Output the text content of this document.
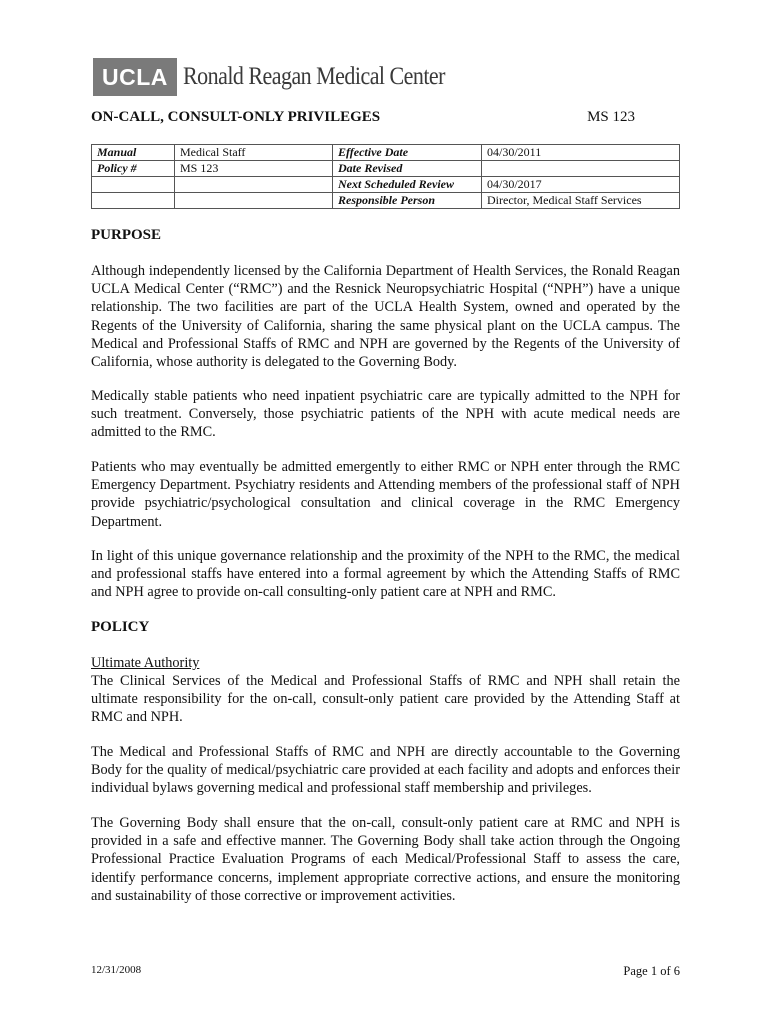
UCLA Ronald Reagan Medical Center
ON-CALL, CONSULT-ONLY PRIVILEGES	MS 123
Manual	Medical Staff	Effective Date	04/30/2011
Policy #	MS 123	Date Revised	
		Next Scheduled Review	04/30/2017
		Responsible Person	Director, Medical Staff Services
PURPOSE

Although independently licensed by the California Department of Health Services, the Ronald Reagan UCLA Medical Center (“RMC”) and the Resnick Neuropsychiatric Hospital (“NPH”) have a unique relationship. The two facilities are part of the UCLA Health System, owned and operated by the Regents of the University of California, sharing the same physical plant on the UCLA campus. The Medical and Professional Staffs of RMC and NPH are governed by the Regents of the University of California, whose authority is delegated to the Governing Body.

Medically stable patients who need inpatient psychiatric care are typically admitted to the NPH for such treatment. Conversely, those psychiatric patients of the NPH with acute medical needs are admitted to the RMC.

Patients who may eventually be admitted emergently to either RMC or NPH enter through the RMC Emergency Department. Psychiatry residents and Attending members of the professional staff of NPH provide psychiatric/psychological consultation and clinical coverage in the RMC Emergency Department.

In light of this unique governance relationship and the proximity of the NPH to the RMC, the medical and professional staffs have entered into a formal agreement by which the Attending Staffs of RMC and NPH agree to provide on-call consulting-only patient care at NPH and RMC.

POLICY

Ultimate Authority

The Clinical Services of the Medical and Professional Staffs of RMC and NPH shall retain the ultimate responsibility for the on-call, consult-only patient care provided by the Attending Staff at RMC and NPH.

The Medical and Professional Staffs of RMC and NPH are directly accountable to the Governing Body for the quality of medical/psychiatric care provided at each facility and adopts and enforces their individual bylaws governing medical and professional staff membership and privileges.

The Governing Body shall ensure that the on-call, consult-only patient care at RMC and NPH is provided in a safe and effective manner. The Governing Body shall take action through the Ongoing Professional Practice Evaluation Programs of each Medical/Professional Staff to assess the care, identify performance concerns, implement appropriate corrective actions, and ensure the monitoring and sustainability of those corrective or improvement activities.

12/31/2008	Page 1 of 6
